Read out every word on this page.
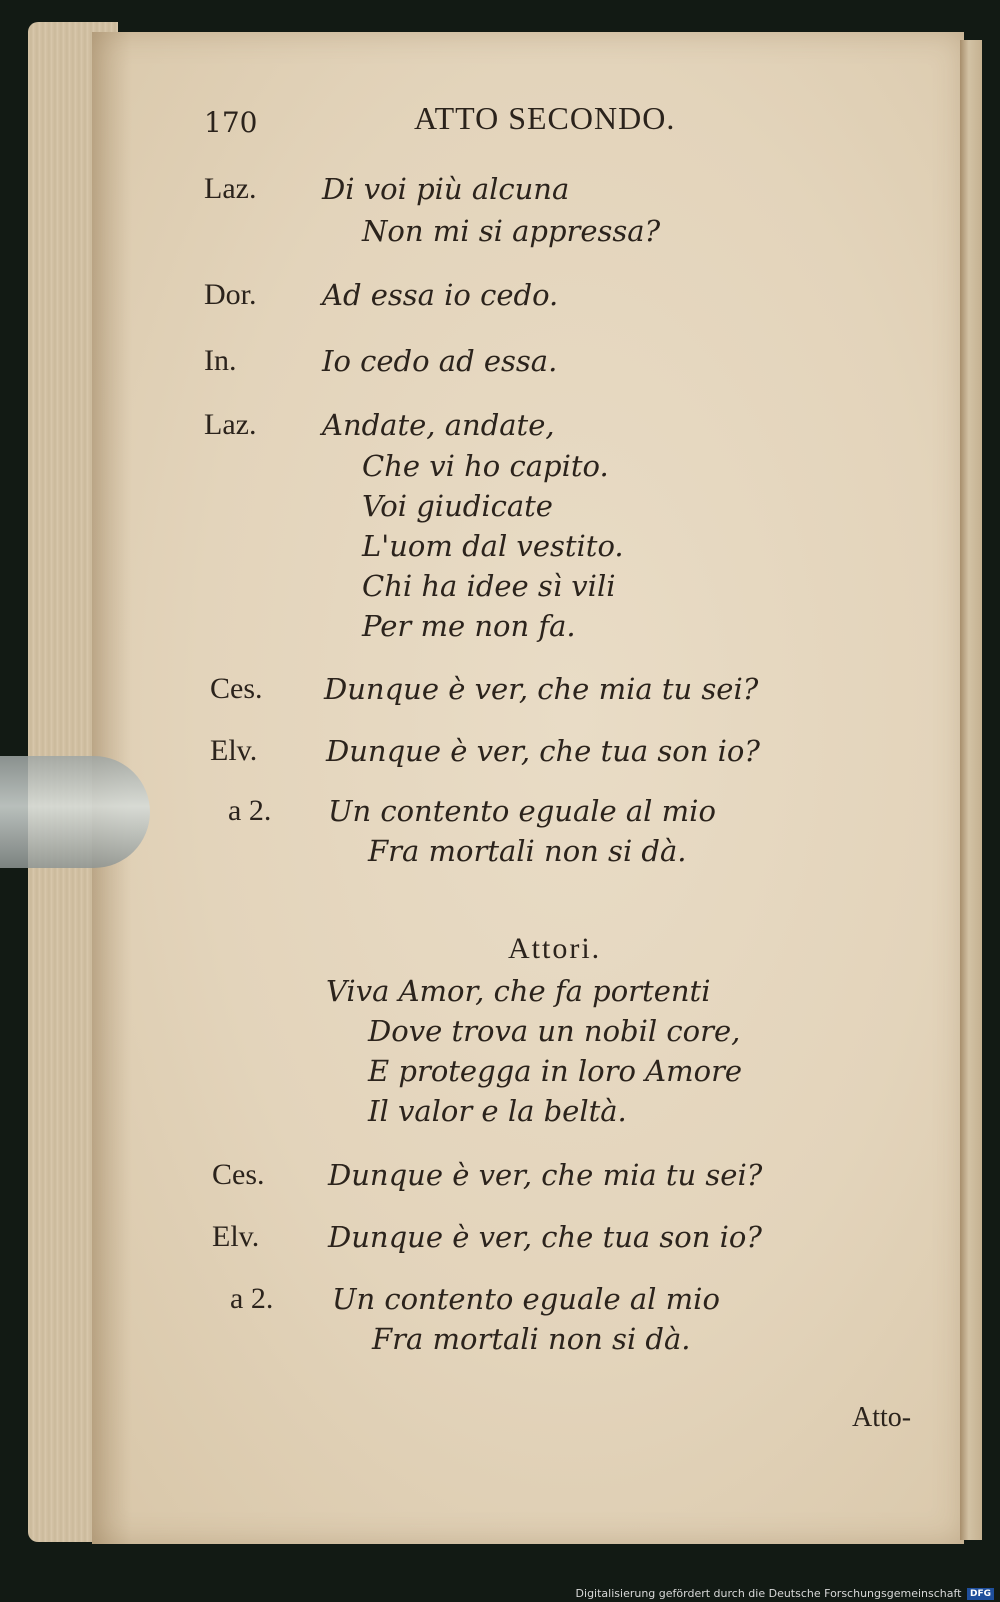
170	ATTO SECONDO.
Laz. Di voi più alcuna
Non mi si appressa?
Dor. Ad essa io cedo.
In.	Io cedo ad essa.
Laz. Andate, andate,
Che vi ho capito.
Voi giudicate
L'uom dal vestito.
Chi ha idee sì vili
Per me non fa.
Ces. Dunque è ver, che mia tu sei?
Elv. Dunque è ver, che tua son io?
a 2. Un contento eguale al mio
Fra mortali non si dà.
Attori.
Viva Amor, che fa portenti
Dove trova un nobil core,
E protegga in loro Amore
Il valor e la beltà.
Ces. Dunque è ver, che mia tu sei?
Elv. Dunque è ver, che tua son io?
a 2. Un contento eguale al mio
Fra mortali non si dà.
Atto-
Digitalisierung gefördert durch die Deutsche Forschungsgemeinschaft DFG
